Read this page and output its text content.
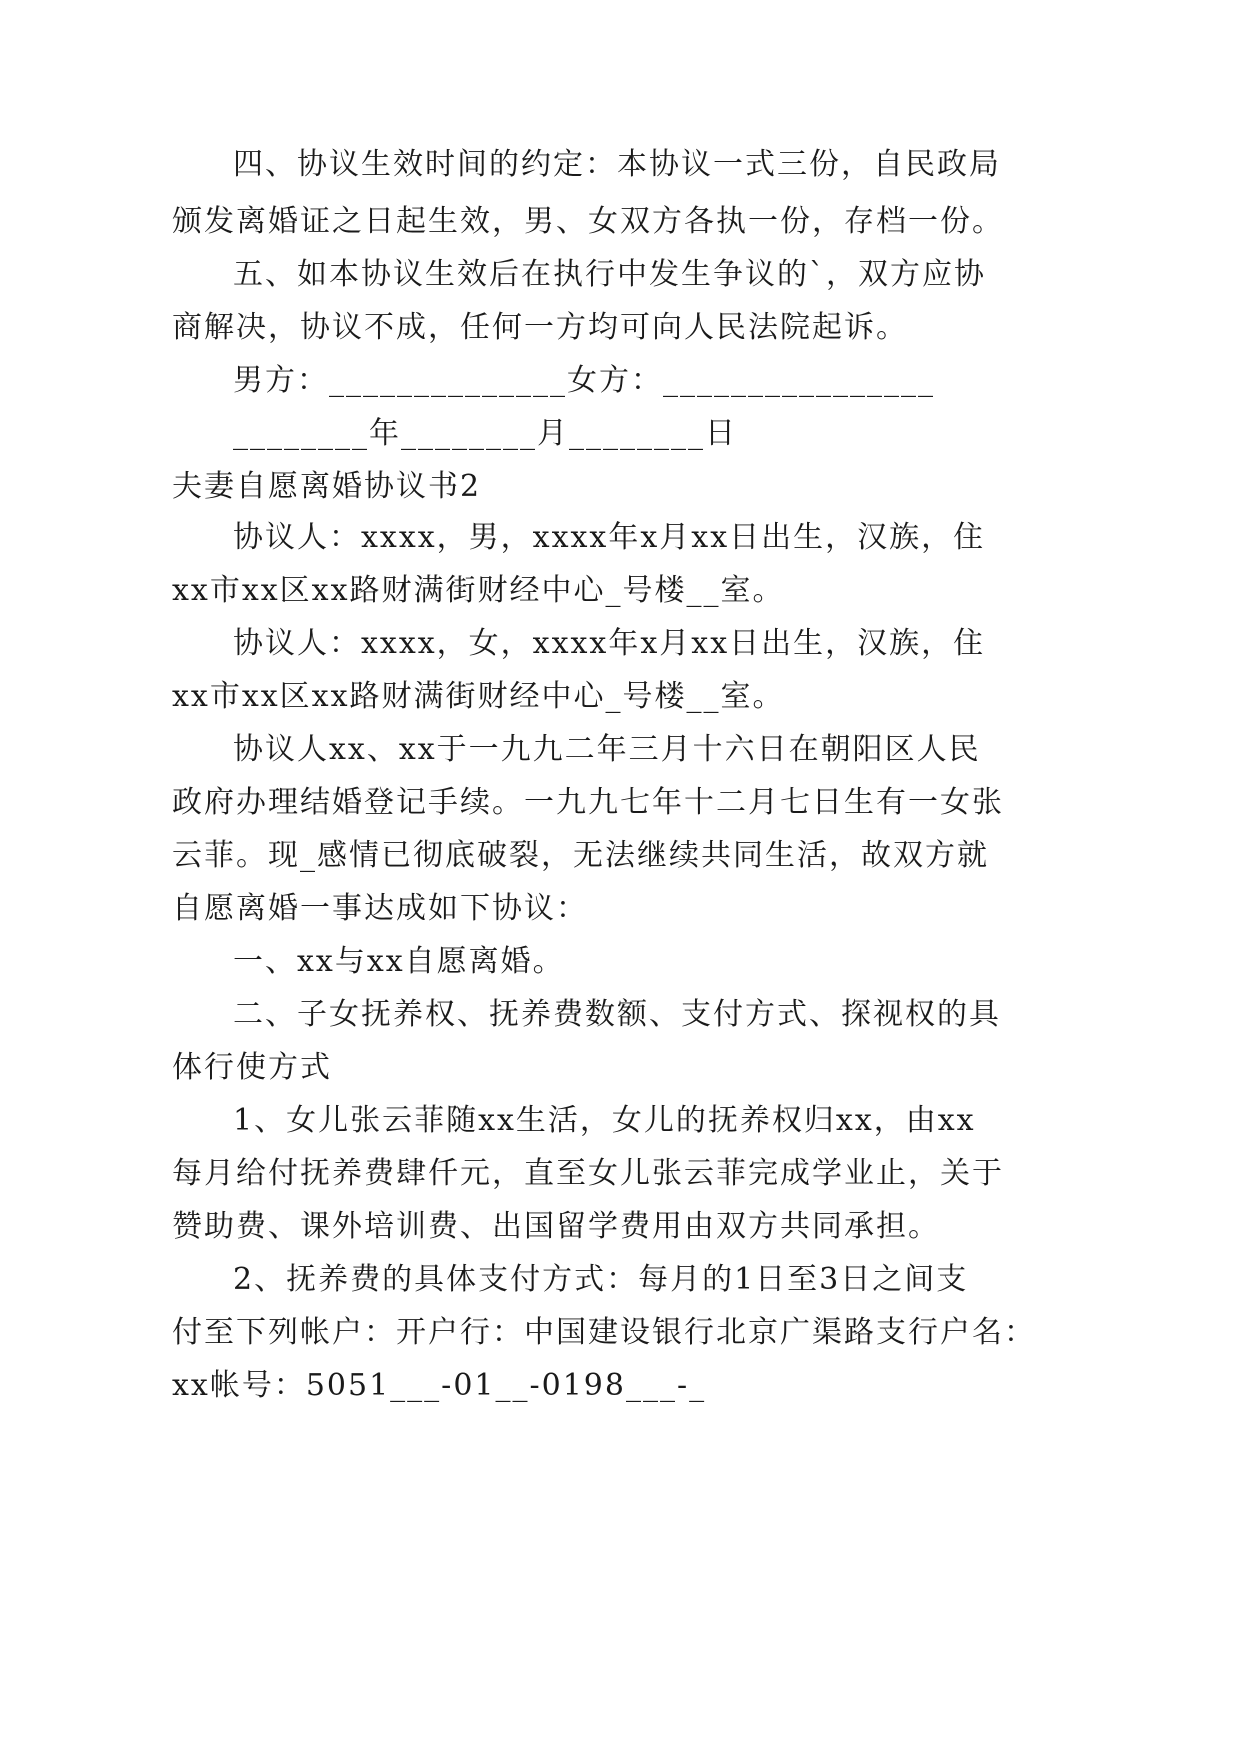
四、协议生效时间的约定：本协议一式三份，自民政局
颁发离婚证之日起生效，男、女双方各执一份，存档一份。
五、如本协议生效后在执行中发生争议的`，双方应协
商解决，协议不成，任何一方均可向人民法院起诉。
男方：______________女方：________________
________年________月________日
夫妻自愿离婚协议书2
协议人：xxxx，男，xxxx年x月xx日出生，汉族，住
xx市xx区xx路财满街财经中心_号楼__室。
协议人：xxxx，女，xxxx年x月xx日出生，汉族，住
xx市xx区xx路财满街财经中心_号楼__室。
协议人xx、xx于一九九二年三月十六日在朝阳区人民
政府办理结婚登记手续。一九九七年十二月七日生有一女张
云菲。现_感情已彻底破裂，无法继续共同生活，故双方就
自愿离婚一事达成如下协议：
一、xx与xx自愿离婚。
二、子女抚养权、抚养费数额、支付方式、探视权的具
体行使方式
1、女儿张云菲随xx生活，女儿的抚养权归xx，由xx
每月给付抚养费肆仟元，直至女儿张云菲完成学业止，关于
赞助费、课外培训费、出国留学费用由双方共同承担。
2、抚养费的具体支付方式：每月的1日至3日之间支
付至下列帐户：开户行：中国建设银行北京广渠路支行户名：
xx帐号：5051___-01__-0198___-_
